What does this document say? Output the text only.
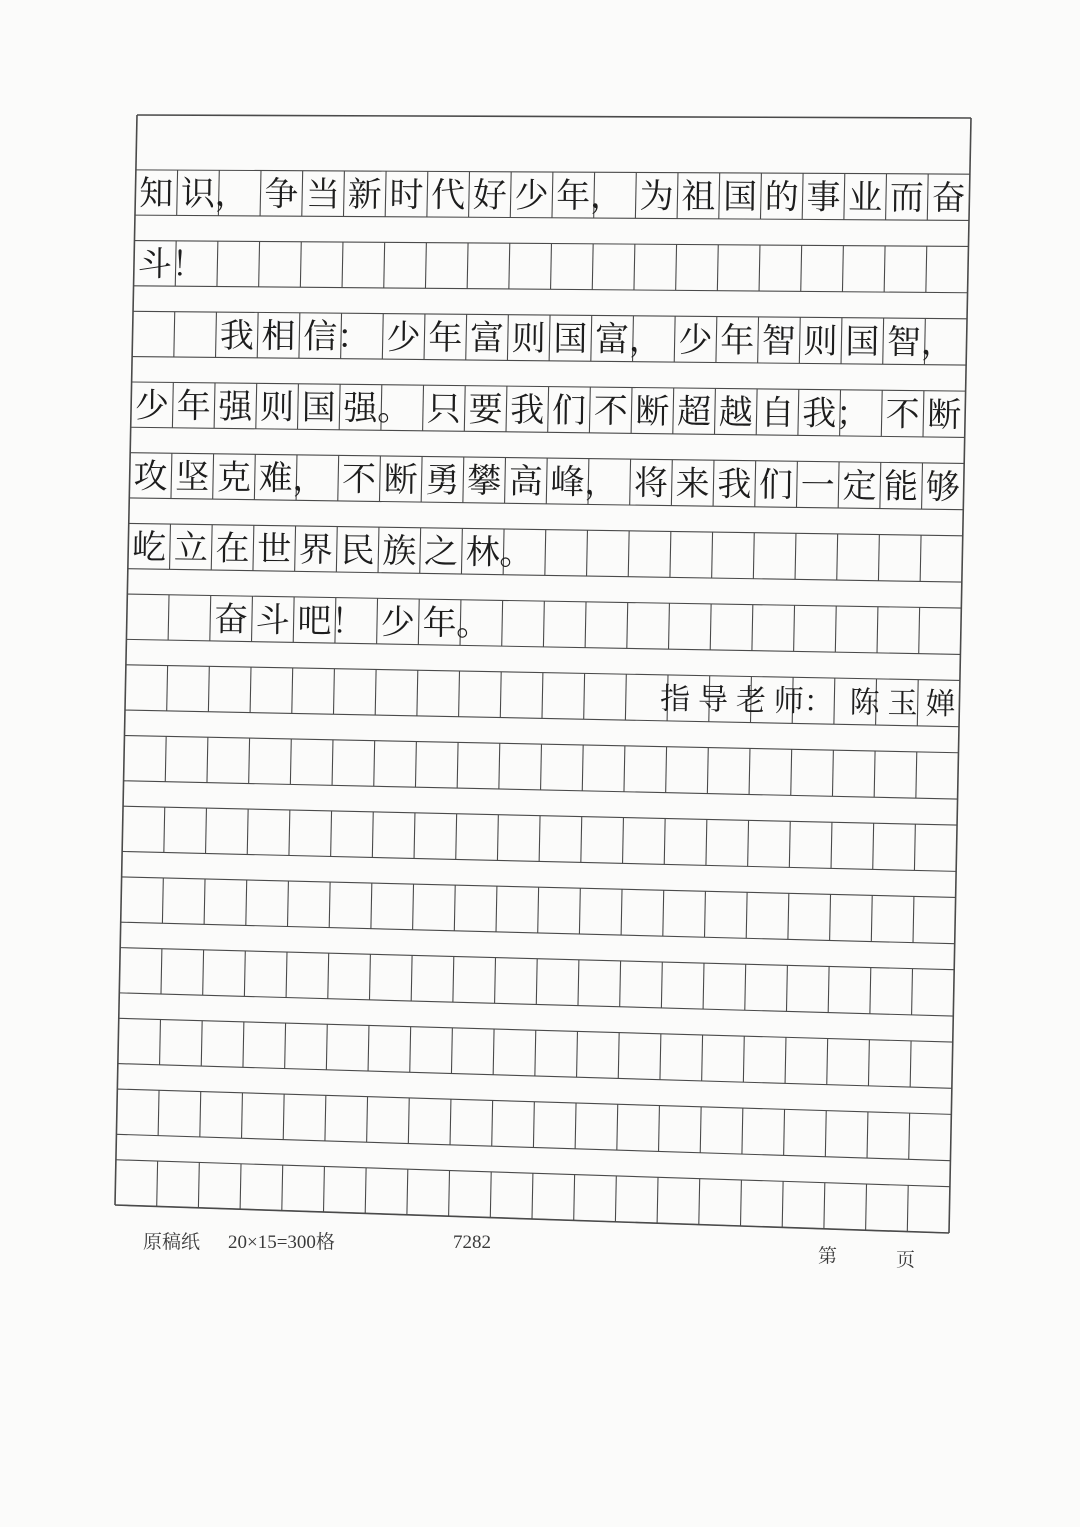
知 识 ， 争 当 新 时 代 好 少 年 ， 为 祖 国 的 事 业 而 奋
斗 ！
我 相 信 ： 少 年 富 则 国 富 ， 少 年 智 则 国 智 ，
少 年 强 则 国 强 。 只 要 我 们 不 断 超 越 自 我 ； 不 断
攻 坚 克 难 ， 不 断 勇 攀 高 峰 ， 将 来 我 们 一 定 能 够
屹 立 在 世 界 民 族 之 林 。
奋 斗 吧 ！ 少 年 。
指 导 老 师 ： 陈 玉 婵
原稿纸 20×15=300格	7282
第	页
